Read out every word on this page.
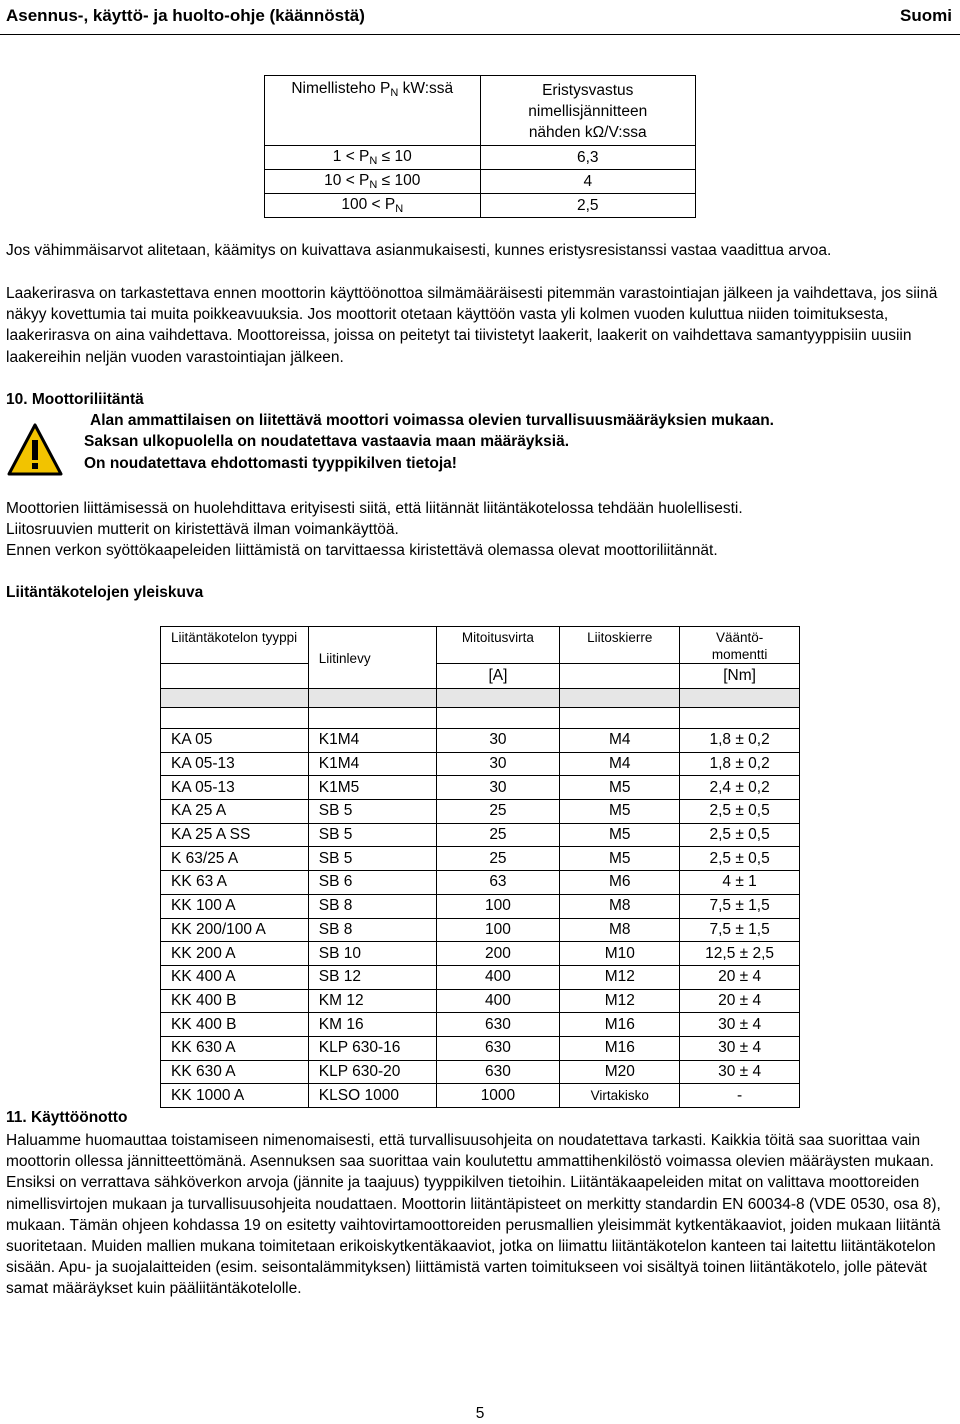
Asennus-, käyttö- ja huolto-ohje (käännöstä)	Suomi
Nimellisteho $P_N$ kW:ssä	Eristysvastus
nimellisjännitteen
nähden kΩ/V:ssa

$1 < P_N \le 10$	6,3
$10 < P_N \le 100$	4
$100 < P_N$	2,5
Jos vähimmäisarvot alitetaan, käämitys on kuivattava asianmukaisesti, kunnes eristysresistanssi vastaa vaadittua arvoa.
Laakerirasva on tarkastettava ennen moottorin käyttöönottoa silmämääräisesti pitemmän varastointiajan jälkeen ja vaihdettava, jos siinä näkyy kovettumia tai muita poikkeavuuksia. Jos moottorit otetaan käyttöön vasta yli kolmen vuoden kuluttua niiden toimituksesta, laakerirasva on aina vaihdettava. Moottoreissa, joissa on peitetyt tai tiivistetyt laakerit, laakerit on vaihdettava samantyyppisiin uusiin laakereihin neljän vuoden varastointiajan jälkeen.
10. Moottoriliitäntä
Alan ammattilaisen on liitettävä moottori voimassa olevien turvallisuusmääräyksien mukaan.
Saksan ulkopuolella on noudatettava vastaavia maan määräyksiä.
On noudatettava ehdottomasti tyyppikilven tietoja!
Moottorien liittämisessä on huolehdittava erityisesti siitä, että liitännät liitäntäkotelossa tehdään huolellisesti.
Liitosruuvien mutterit on kiristettävä ilman voimankäyttöä.
Ennen verkon syöttökaapeleiden liittämistä on tarvittaessa kiristettävä olemassa olevat moottoriliitännät.
Liitäntäkotelojen yleiskuva
Liitäntäkotelon tyyppi	Liitinlevy	Mitoitusvirta	Liitoskierre	Vääntö-
momentti

		[A]		[Nm]

KA 05	K1M4	30	M4	1,8 ± 0,2
KA 05-13	K1M4	30	M4	1,8 ± 0,2
KA 05-13	K1M5	30	M5	2,4 ± 0,2
KA 25 A	SB 5	25	M5	2,5 ± 0,5
KA 25 A SS	SB 5	25	M5	2,5 ± 0,5
K 63/25 A	SB 5	25	M5	2,5 ± 0,5
KK 63 A	SB 6	63	M6	4 ± 1
KK 100 A	SB 8	100	M8	7,5 ± 1,5
KK 200/100 A	SB 8	100	M8	7,5 ± 1,5
KK 200 A	SB 10	200	M10	12,5 ± 2,5
KK 400 A	SB 12	400	M12	20 ± 4
KK 400 B	KM 12	400	M12	20 ± 4
KK 400 B	KM 16	630	M16	30 ± 4
KK 630 A	KLP 630-16	630	M16	30 ± 4
KK 630 A	KLP 630-20	630	M20	30 ± 4
KK 1000 A	KLSO 1000	1000	Virtakisko	-
11. Käyttöönotto
Haluamme huomauttaa toistamiseen nimenomaisesti, että turvallisuusohjeita on noudatettava tarkasti. Kaikkia töitä saa suorittaa vain moottorin ollessa jännitteettömänä. Asennuksen saa suorittaa vain koulutettu ammattihenkilöstö voimassa olevien määräysten mukaan. Ensiksi on verrattava sähköverkon arvoja (jännite ja taajuus) tyyppikilven tietoihin. Liitäntäkaapeleiden mitat on valittava moottoreiden nimellisvirtojen mukaan ja turvallisuusohjeita noudattaen. Moottorin liitäntäpisteet on merkitty standardin EN 60034-8 (VDE 0530, osa 8), mukaan. Tämän ohjeen kohdassa 19 on esitetty vaihtovirtamoottoreiden perusmallien yleisimmät kytkentäkaaviot, joiden mukaan liitäntä suoritetaan. Muiden mallien mukana toimitetaan erikoiskytkentäkaaviot, jotka on liimattu liitäntäkotelon kanteen tai laitettu liitäntäkotelon sisään. Apu- ja suojalaitteiden (esim. seisontalämmityksen) liittämistä varten toimitukseen voi sisältyä toinen liitäntäkotelo, jolle pätevät samat määräykset kuin pääliitäntäkotelolle.
5
